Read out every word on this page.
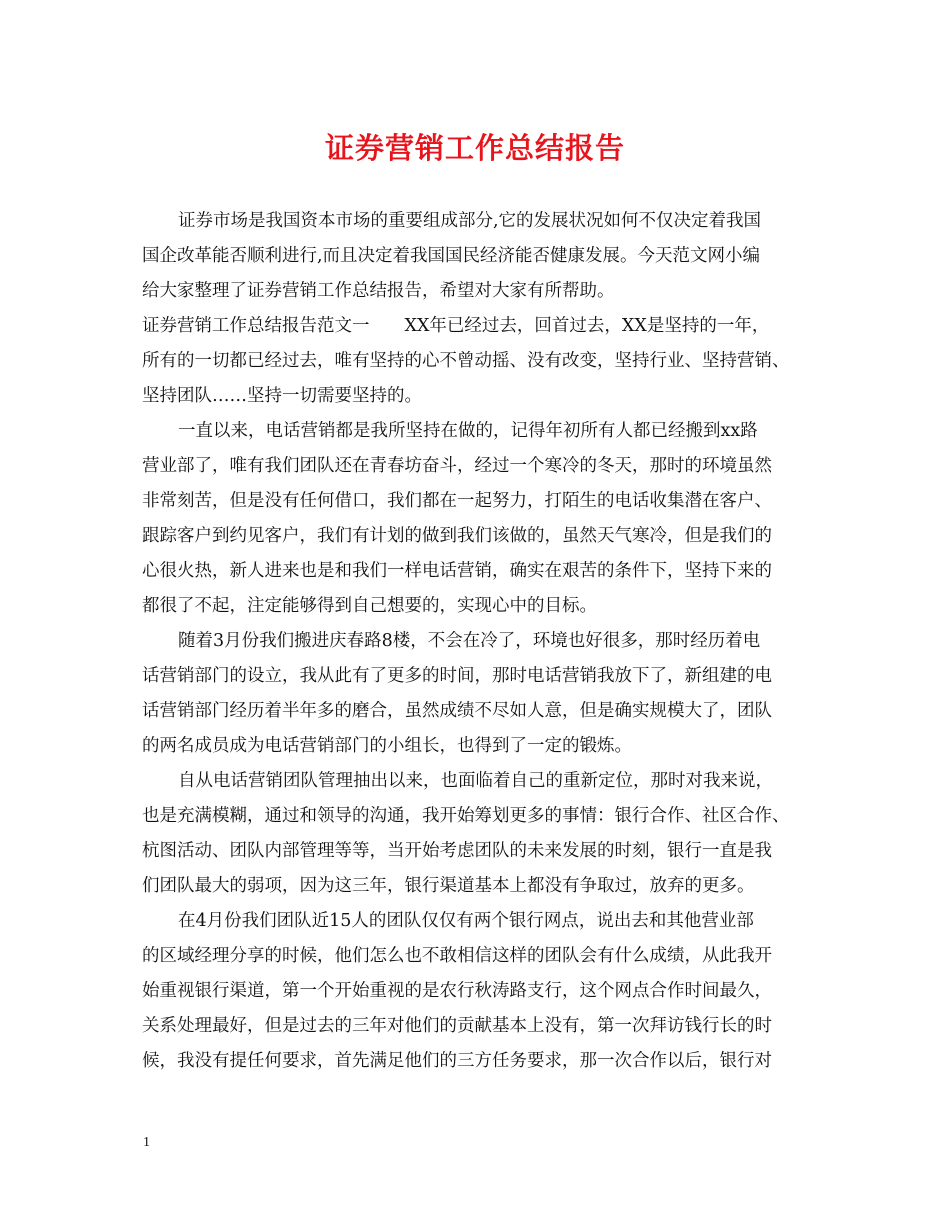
证券营销工作总结报告
证券市场是我国资本市场的重要组成部分,它的发展状况如何不仅决定着我国
国企改革能否顺利进行,而且决定着我国国民经济能否健康发展。今天范文网小编
给大家整理了证券营销工作总结报告，希望对大家有所帮助。
证券营销工作总结报告范文一　　XX年已经过去，回首过去，XX是坚持的一年，
所有的一切都已经过去，唯有坚持的心不曾动摇、没有改变，坚持行业、坚持营销、
坚持团队……坚持一切需要坚持的。
一直以来，电话营销都是我所坚持在做的，记得年初所有人都已经搬到xx路
营业部了，唯有我们团队还在青春坊奋斗，经过一个寒冷的冬天，那时的环境虽然
非常刻苦，但是没有任何借口，我们都在一起努力，打陌生的电话收集潜在客户、
跟踪客户到约见客户，我们有计划的做到我们该做的，虽然天气寒冷，但是我们的
心很火热，新人进来也是和我们一样电话营销，确实在艰苦的条件下，坚持下来的
都很了不起，注定能够得到自己想要的，实现心中的目标。
随着3月份我们搬进庆春路8楼，不会在冷了，环境也好很多，那时经历着电
话营销部门的设立，我从此有了更多的时间，那时电话营销我放下了，新组建的电
话营销部门经历着半年多的磨合，虽然成绩不尽如人意，但是确实规模大了，团队
的两名成员成为电话营销部门的小组长，也得到了一定的锻炼。
自从电话营销团队管理抽出以来，也面临着自己的重新定位，那时对我来说，
也是充满模糊，通过和领导的沟通，我开始筹划更多的事情：银行合作、社区合作、
杭图活动、团队内部管理等等，当开始考虑团队的未来发展的时刻，银行一直是我
们团队最大的弱项，因为这三年，银行渠道基本上都没有争取过，放弃的更多。
在4月份我们团队近15人的团队仅仅有两个银行网点，说出去和其他营业部
的区域经理分享的时候，他们怎么也不敢相信这样的团队会有什么成绩，从此我开
始重视银行渠道，第一个开始重视的是农行秋涛路支行，这个网点合作时间最久，
关系处理最好，但是过去的三年对他们的贡献基本上没有，第一次拜访钱行长的时
候，我没有提任何要求，首先满足他们的三方任务要求，那一次合作以后，银行对
1
